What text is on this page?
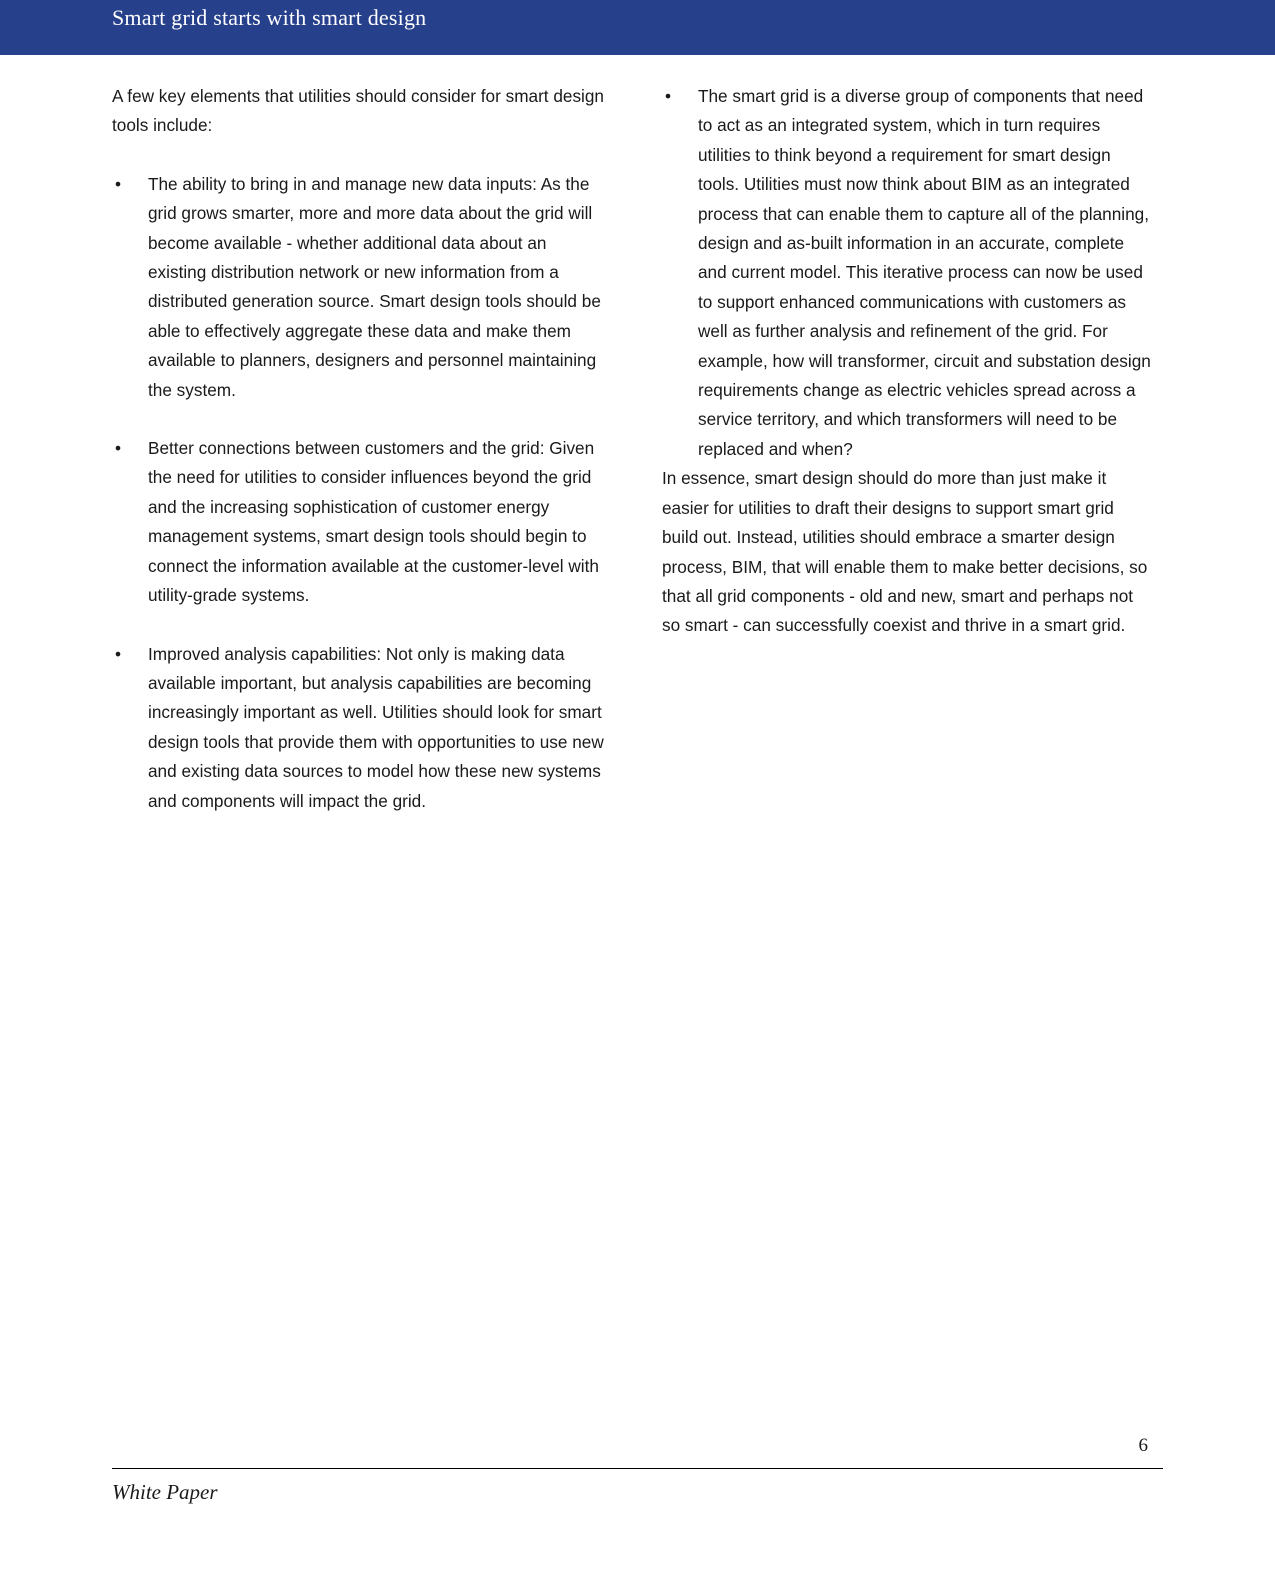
Smart grid starts with smart design

A few key elements that utilities should consider for smart design tools include:

• The ability to bring in and manage new data inputs: As the grid grows smarter, more and more data about the grid will become available - whether additional data about an existing distribution network or new information from a distributed generation source. Smart design tools should be able to effectively aggregate these data and make them available to planners, designers and personnel maintaining the system.
• Better connections between customers and the grid: Given the need for utilities to consider influences beyond the grid and the increasing sophistication of customer energy management systems, smart design tools should begin to connect the information available at the customer-level with utility-grade systems.
• Improved analysis capabilities: Not only is making data available important, but analysis capabilities are becoming increasingly important as well. Utilities should look for smart design tools that provide them with opportunities to use new and existing data sources to model how these new systems and components will impact the grid.
• The smart grid is a diverse group of components that need to act as an integrated system, which in turn requires utilities to think beyond a requirement for smart design tools. Utilities must now think about BIM as an integrated process that can enable them to capture all of the planning, design and as-built information in an accurate, complete and current model. This iterative process can now be used to support enhanced communications with customers as well as further analysis and refinement of the grid. For example, how will transformer, circuit and substation design requirements change as electric vehicles spread across a service territory, and which transformers will need to be replaced and when?

In essence, smart design should do more than just make it easier for utilities to draft their designs to support smart grid build out. Instead, utilities should embrace a smarter design process, BIM, that will enable them to make better decisions, so that all grid components - old and new, smart and perhaps not so smart - can successfully coexist and thrive in a smart grid.

6
White Paper
